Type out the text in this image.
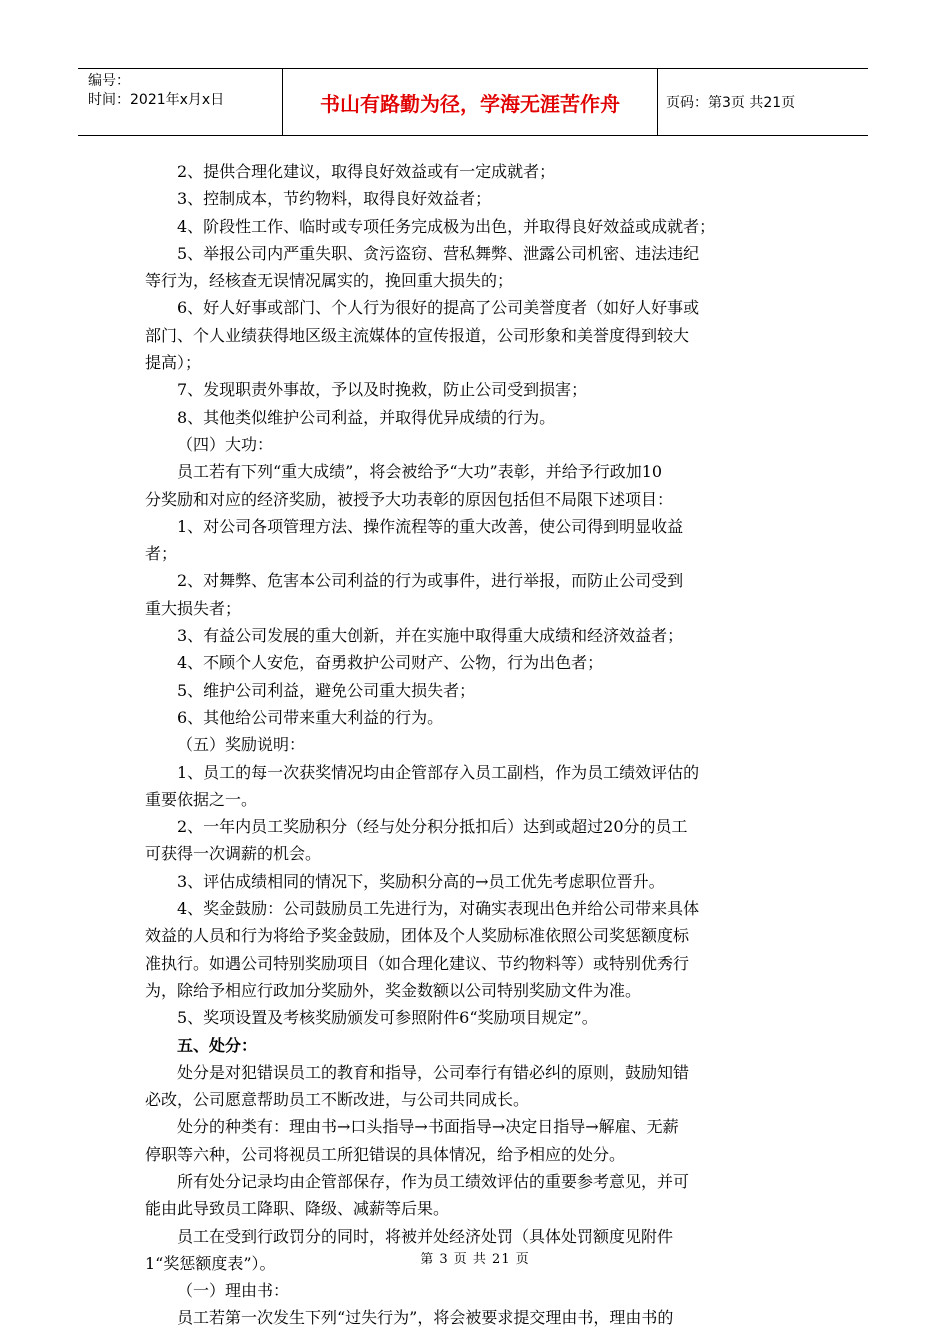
编号：
时间：2021年x月x日	书山有路勤为径，学海无涯苦作舟	页码：第3页 共21页

2、提供合理化建议，取得良好效益或有一定成就者；

3、控制成本，节约物料，取得良好效益者；

4、阶段性工作、临时或专项任务完成极为出色，并取得良好效益或成就者；

5、举报公司内严重失职、贪污盗窃、营私舞弊、泄露公司机密、违法违纪

等行为，经核查无误情况属实的，挽回重大损失的；

6、好人好事或部门、个人行为很好的提高了公司美誉度者（如好人好事或

部门、个人业绩获得地区级主流媒体的宣传报道，公司形象和美誉度得到较大

提高）；

7、发现职责外事故，予以及时挽救，防止公司受到损害；

8、其他类似维护公司利益，并取得优异成绩的行为。

（四）大功：

员工若有下列“重大成绩”，将会被给予“大功”表彰，并给予行政加10

分奖励和对应的经济奖励，被授予大功表彰的原因包括但不局限下述项目：

1、对公司各项管理方法、操作流程等的重大改善，使公司得到明显收益

者；

2、对舞弊、危害本公司利益的行为或事件，进行举报，而防止公司受到

重大损失者；

3、有益公司发展的重大创新，并在实施中取得重大成绩和经济效益者；

4、不顾个人安危，奋勇救护公司财产、公物，行为出色者；

5、维护公司利益，避免公司重大损失者；

6、其他给公司带来重大利益的行为。

（五）奖励说明：

1、员工的每一次获奖情况均由企管部存入员工副档，作为员工绩效评估的

重要依据之一。

2、一年内员工奖励积分（经与处分积分抵扣后）达到或超过20分的员工

可获得一次调薪的机会。

3、评估成绩相同的情况下，奖励积分高的→员工优先考虑职位晋升。

4、奖金鼓励：公司鼓励员工先进行为，对确实表现出色并给公司带来具体

效益的人员和行为将给予奖金鼓励，团体及个人奖励标准依照公司奖惩额度标

准执行。如遇公司特别奖励项目（如合理化建议、节约物料等）或特别优秀行

为，除给予相应行政加分奖励外，奖金数额以公司特别奖励文件为准。

5、奖项设置及考核奖励颁发可参照附件6“奖励项目规定”。

五、处分：

处分是对犯错误员工的教育和指导，公司奉行有错必纠的原则，鼓励知错

必改，公司愿意帮助员工不断改进，与公司共同成长。

处分的种类有：理由书→口头指导→书面指导→决定日指导→解雇、无薪

停职等六种，公司将视员工所犯错误的具体情况，给予相应的处分。

所有处分记录均由企管部保存，作为员工绩效评估的重要参考意见，并可

能由此导致员工降职、降级、减薪等后果。

员工在受到行政罚分的同时，将被并处经济处罚（具体处罚额度见附件

1“奖惩额度表”）。

（一）理由书：

员工若第一次发生下列“过失行为”，将会被要求提交理由书，理由书的

第 3 页 共 21 页
